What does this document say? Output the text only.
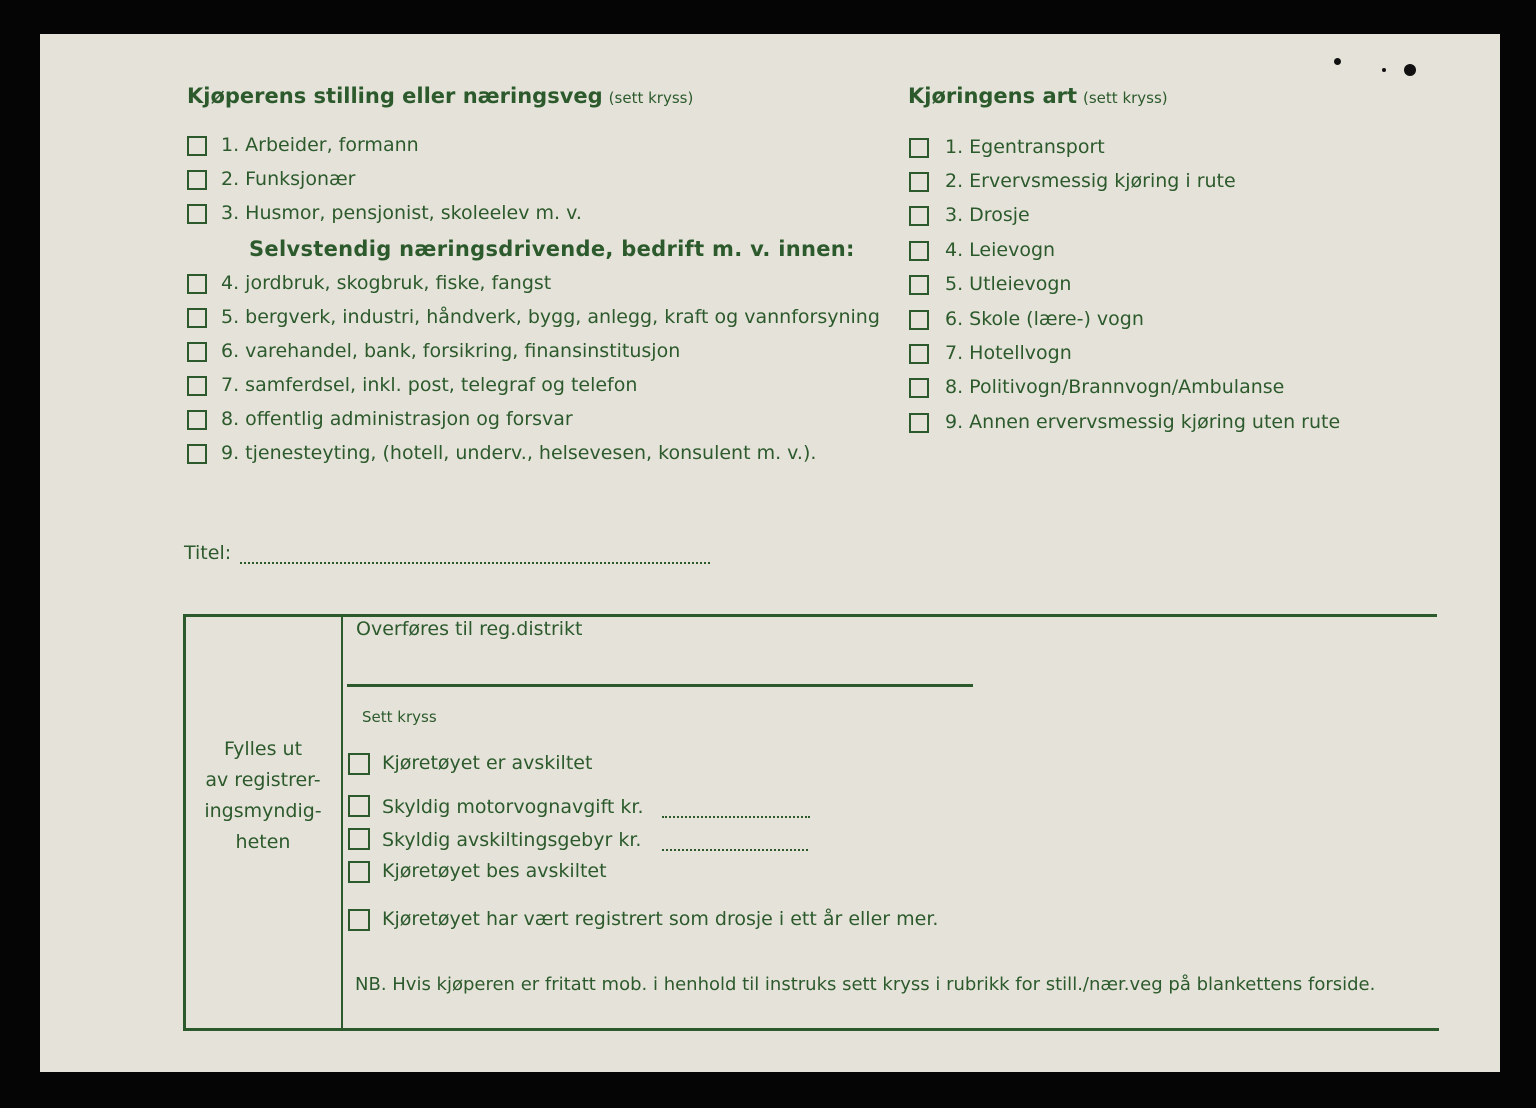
Kjøperens stilling eller næringsveg (sett kryss)
1. Arbeider, formann
2. Funksjonær
3. Husmor, pensjonist, skoleelev m. v.
Selvstendig næringsdrivende, bedrift m. v. innen:
4. jordbruk, skogbruk, fiske, fangst
5. bergverk, industri, håndverk, bygg, anlegg, kraft og vannforsyning
6. varehandel, bank, forsikring, finansinstitusjon
7. samferdsel, inkl. post, telegraf og telefon
8. offentlig administrasjon og forsvar
9. tjenesteyting, (hotell, underv., helsevesen, konsulent m. v.).
Titel:
Kjøringens art (sett kryss)
1. Egentransport
2. Ervervsmessig kjøring i rute
3. Drosje
4. Leievogn
5. Utleievogn
6. Skole (lære-) vogn
7. Hotellvogn
8. Politivogn/Brannvogn/Ambulanse
9. Annen ervervsmessig kjøring uten rute
Fylles ut
av registrer-
ingsmyndig-
heten
Overføres til reg.distrikt
Sett kryss
Kjøretøyet er avskiltet
Skyldig motorvognavgift kr.
Skyldig avskiltingsgebyr kr.
Kjøretøyet bes avskiltet
Kjøretøyet har vært registrert som drosje i ett år eller mer.
NB. Hvis kjøperen er fritatt mob. i henhold til instruks sett kryss i rubrikk for still./nær.veg på blankettens forside.
